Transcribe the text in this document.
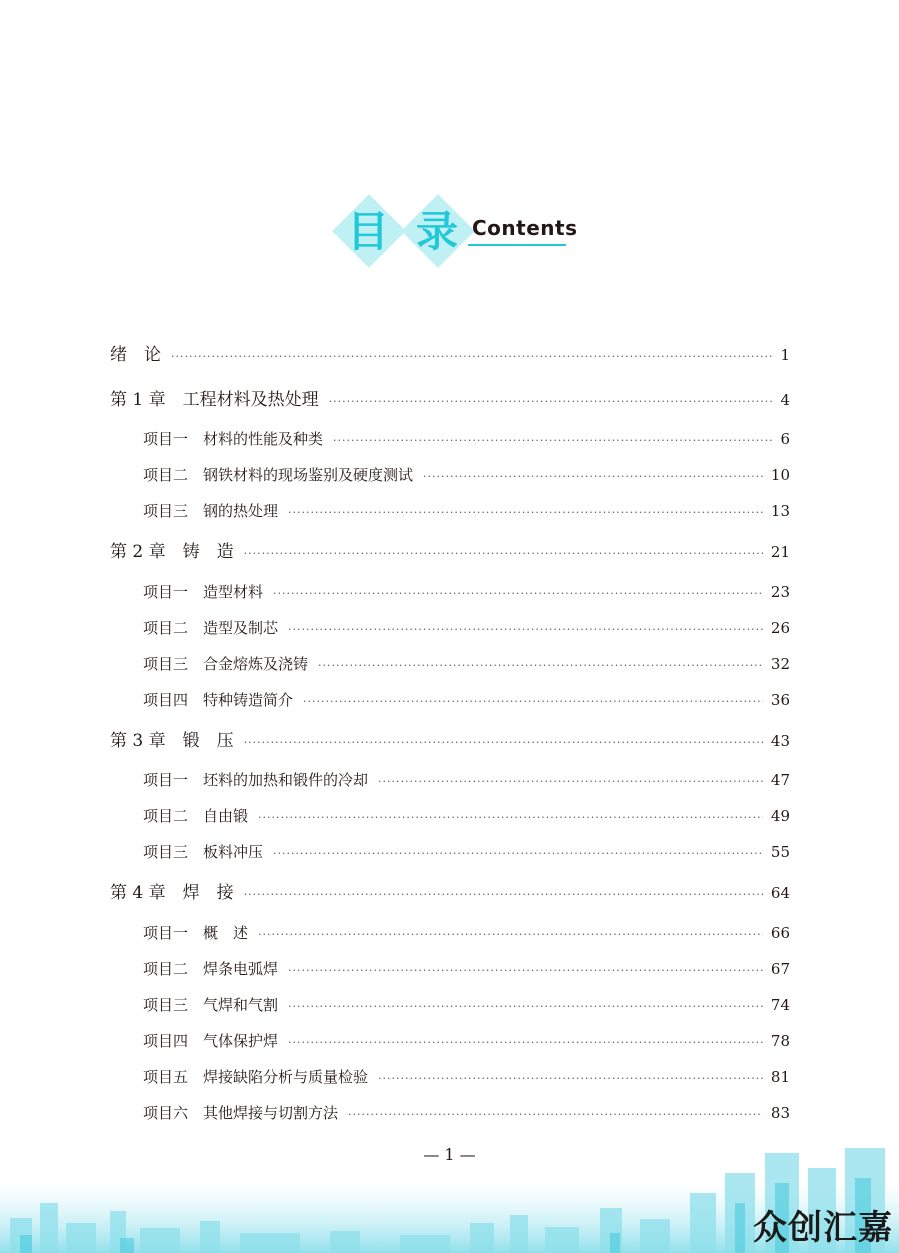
目 录 Contents
绪　论 ·····	1
第 1 章　工程材料及热处理 ·····	4
项目一　材料的性能及种类 ·····	6
项目二　钢铁材料的现场鉴别及硬度测试 ·····	10
项目三　钢的热处理 ·····	13
第 2 章　铸　造 ·····	21
项目一　造型材料 ·····	23
项目二　造型及制芯 ·····	26
项目三　合金熔炼及浇铸 ·····	32
项目四　特种铸造简介 ·····	36
第 3 章　锻　压 ·····	43
项目一　坯料的加热和锻件的冷却 ·····	47
项目二　自由锻 ·····	49
项目三　板料冲压 ·····	55
第 4 章　焊　接 ·····	64
项目一　概　述 ·····	66
项目二　焊条电弧焊 ·····	67
项目三　气焊和气割 ·····	74
项目四　气体保护焊 ·····	78
项目五　焊接缺陷分析与质量检验 ·····	81
项目六　其他焊接与切割方法 ·····	83
— 1 —
众创汇嘉
